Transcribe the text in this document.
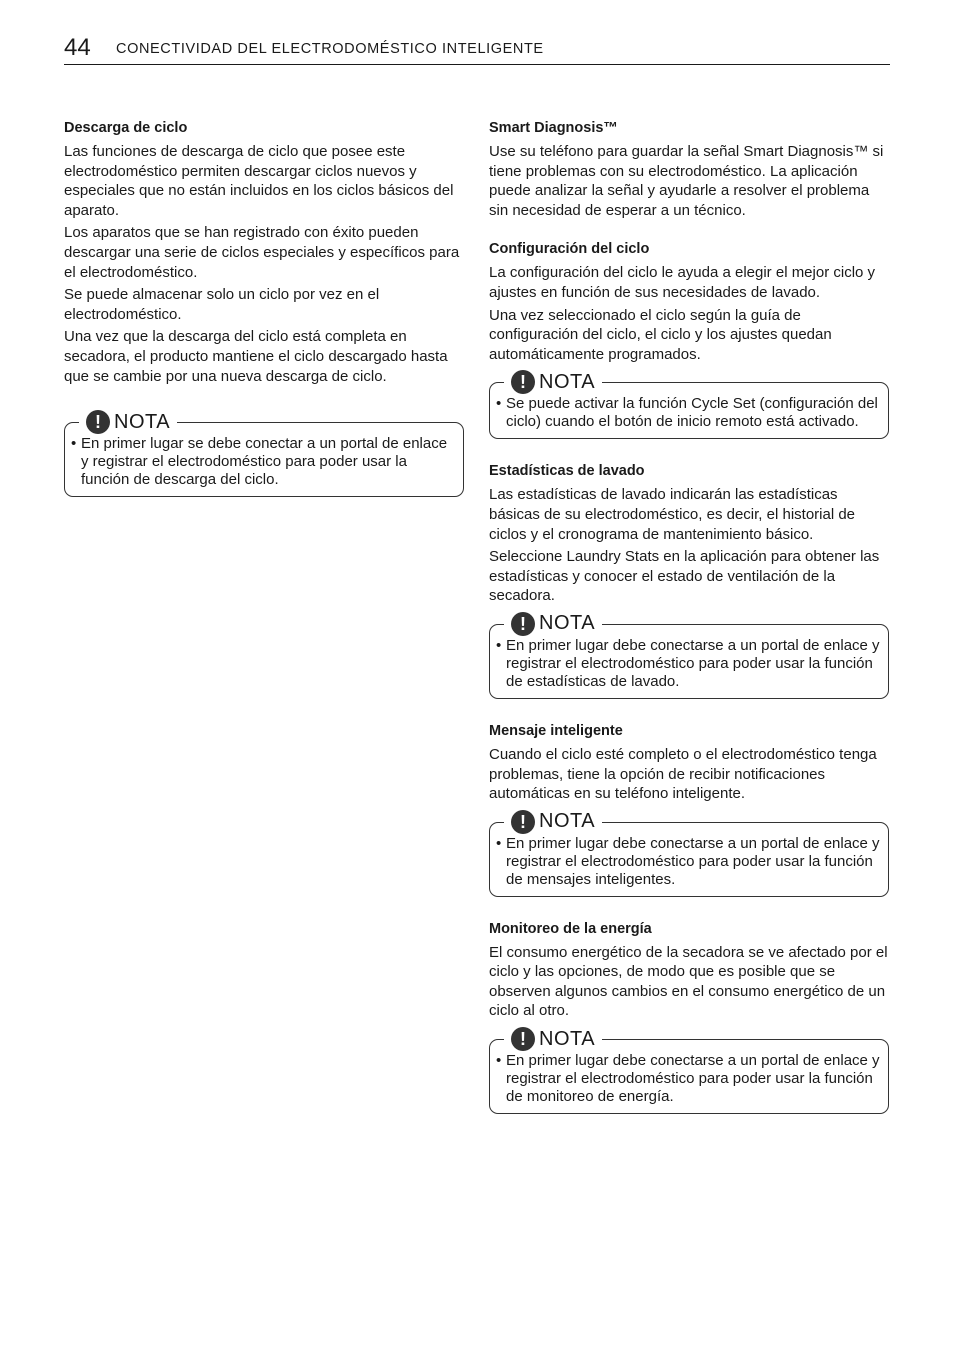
44 CONECTIVIDAD DEL ELECTRODOMÉSTICO INTELIGENTE
Descarga de ciclo

Las funciones de descarga de ciclo que posee este electrodoméstico permiten descargar ciclos nuevos y especiales que no están incluidos en los ciclos básicos del aparato.

Los aparatos que se han registrado con éxito pueden descargar una serie de ciclos especiales y específicos para el electrodoméstico.

Se puede almacenar solo un ciclo por vez en el electrodoméstico.

Una vez que la descarga del ciclo está completa en secadora, el producto mantiene el ciclo descargado hasta que se cambie por una nueva descarga de ciclo.

! NOTA
• En primer lugar se debe conectar a un portal de enlace y registrar el electrodoméstico para poder usar la función de descarga del ciclo.
Smart Diagnosis™

Use su teléfono para guardar la señal Smart Diagnosis™ si tiene problemas con su electrodoméstico. La aplicación puede analizar la señal y ayudarle a resolver el problema sin necesidad de esperar a un técnico.

Configuración del ciclo

La configuración del ciclo le ayuda a elegir el mejor ciclo y ajustes en función de sus necesidades de lavado.

Una vez seleccionado el ciclo según la guía de configuración del ciclo, el ciclo y los ajustes quedan automáticamente programados.

! NOTA
• Se puede activar la función Cycle Set (configuración del ciclo) cuando el botón de inicio remoto está activado.
Estadísticas de lavado

Las estadísticas de lavado indicarán las estadísticas básicas de su electrodoméstico, es decir, el historial de ciclos y el cronograma de mantenimiento básico.

Seleccione Laundry Stats en la aplicación para obtener las estadísticas y conocer el estado de ventilación de la secadora.

! NOTA
• En primer lugar debe conectarse a un portal de enlace y registrar el electrodoméstico para poder usar la función de estadísticas de lavado.
Mensaje inteligente

Cuando el ciclo esté completo o el electrodoméstico tenga problemas, tiene la opción de recibir notificaciones automáticas en su teléfono inteligente.

! NOTA
• En primer lugar debe conectarse a un portal de enlace y registrar el electrodoméstico para poder usar la función de mensajes inteligentes.
Monitoreo de la energía

El consumo energético de la secadora se ve afectado por el ciclo y las opciones, de modo que es posible que se observen algunos cambios en el consumo energético de un ciclo al otro.

! NOTA
• En primer lugar debe conectarse a un portal de enlace y registrar el electrodoméstico para poder usar la función de monitoreo de energía.
